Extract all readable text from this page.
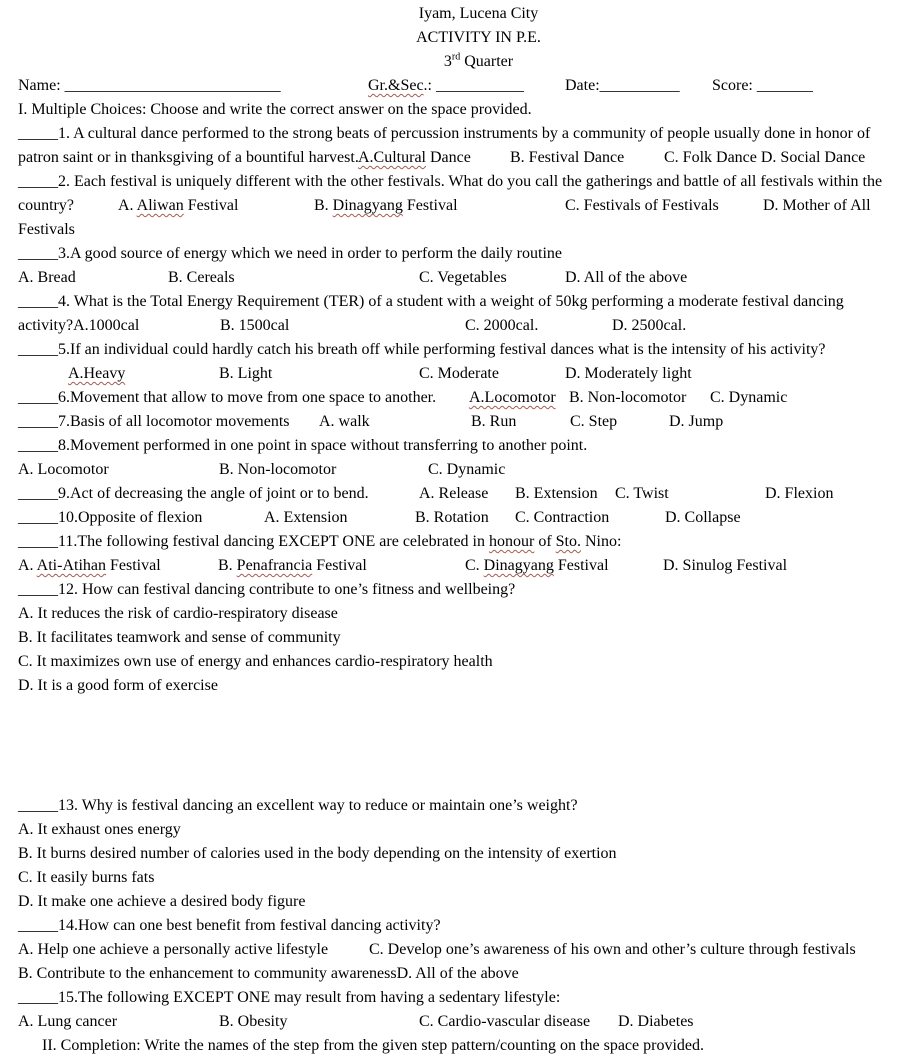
Iyam, Lucena City
ACTIVITY IN P.E.
3rd Quarter
Name: ___________________________	Gr.&Sec.: ___________	Date:__________ Score: _______
I. Multiple Choices: Choose and write the correct answer on the space provided.
_____1. A cultural dance performed to the strong beats of percussion instruments by a community of people usually done in honor of
patron saint or in thanksgiving of a bountiful harvest.
A.Cultural Dance B. Festival Dance C. Folk Dance D. Social Dance
_____2. Each festival is uniquely different with the other festivals. What do you call the gatherings and battle of all festivals within the
country?	A. Aliwan Festival	B. Dinagyang Festival	C. Festivals of Festivals	D. Mother of All
Festivals
_____3.A good source of energy which we need in order to perform the daily routine
A. Bread	B. Cereals	C. Vegetables	D. All of the above
_____4. What is the Total Energy Requirement (TER) of a student with a weight of 50kg performing a moderate festival dancing
activity?A.1000cal	B. 1500cal	C. 2000cal.	D. 2500cal.
_____5.If an individual could hardly catch his breath off while performing festival dances what is the intensity of his activity?
A.Heavy	B. Light	C. Moderate	D. Moderately light
_____6.Movement that allow to move from one space to another. A.Locomotor B. Non-locomotor C. Dynamic
_____7.Basis of all locomotor movements A. walk	B. Run	C. Step	D. Jump
_____8.Movement performed in one point in space without transferring to another point.
A. Locomotor	B. Non-locomotor	C. Dynamic
_____9.Act of decreasing the angle of joint or to bend.	A. Release B. Extension C. Twist	D. Flexion
_____10.Opposite of flexion	A. Extension	B. Rotation C. Contraction	D. Collapse
_____11.The following festival dancing EXCEPT ONE are celebrated in honour of Sto. Nino:
A. Ati-Atihan Festival	B. Penafrancia Festival	C. Dinagyang Festival	D. Sinulog Festival
_____12. How can festival dancing contribute to one’s fitness and wellbeing?
A. It reduces the risk of cardio-respiratory disease
B. It facilitates teamwork and sense of community
C. It maximizes own use of energy and enhances cardio-respiratory health
D. It is a good form of exercise
_____13. Why is festival dancing an excellent way to reduce or maintain one’s weight?
A. It exhaust ones energy
B. It burns desired number of calories used in the body depending on the intensity of exertion
C. It easily burns fats
D. It make one achieve a desired body figure
_____14.How can one best benefit from festival dancing activity?
A. Help one achieve a personally active lifestyle	C. Develop one’s awareness of his own and other’s culture through festivals
B. Contribute to the enhancement to community awarenessD. All of the above
_____15.The following EXCEPT ONE may result from having a sedentary lifestyle:
A. Lung cancer	B. Obesity	C. Cardio-vascular disease D. Diabetes
II. Completion: Write the names of the step from the given step pattern/counting on the space provided.
